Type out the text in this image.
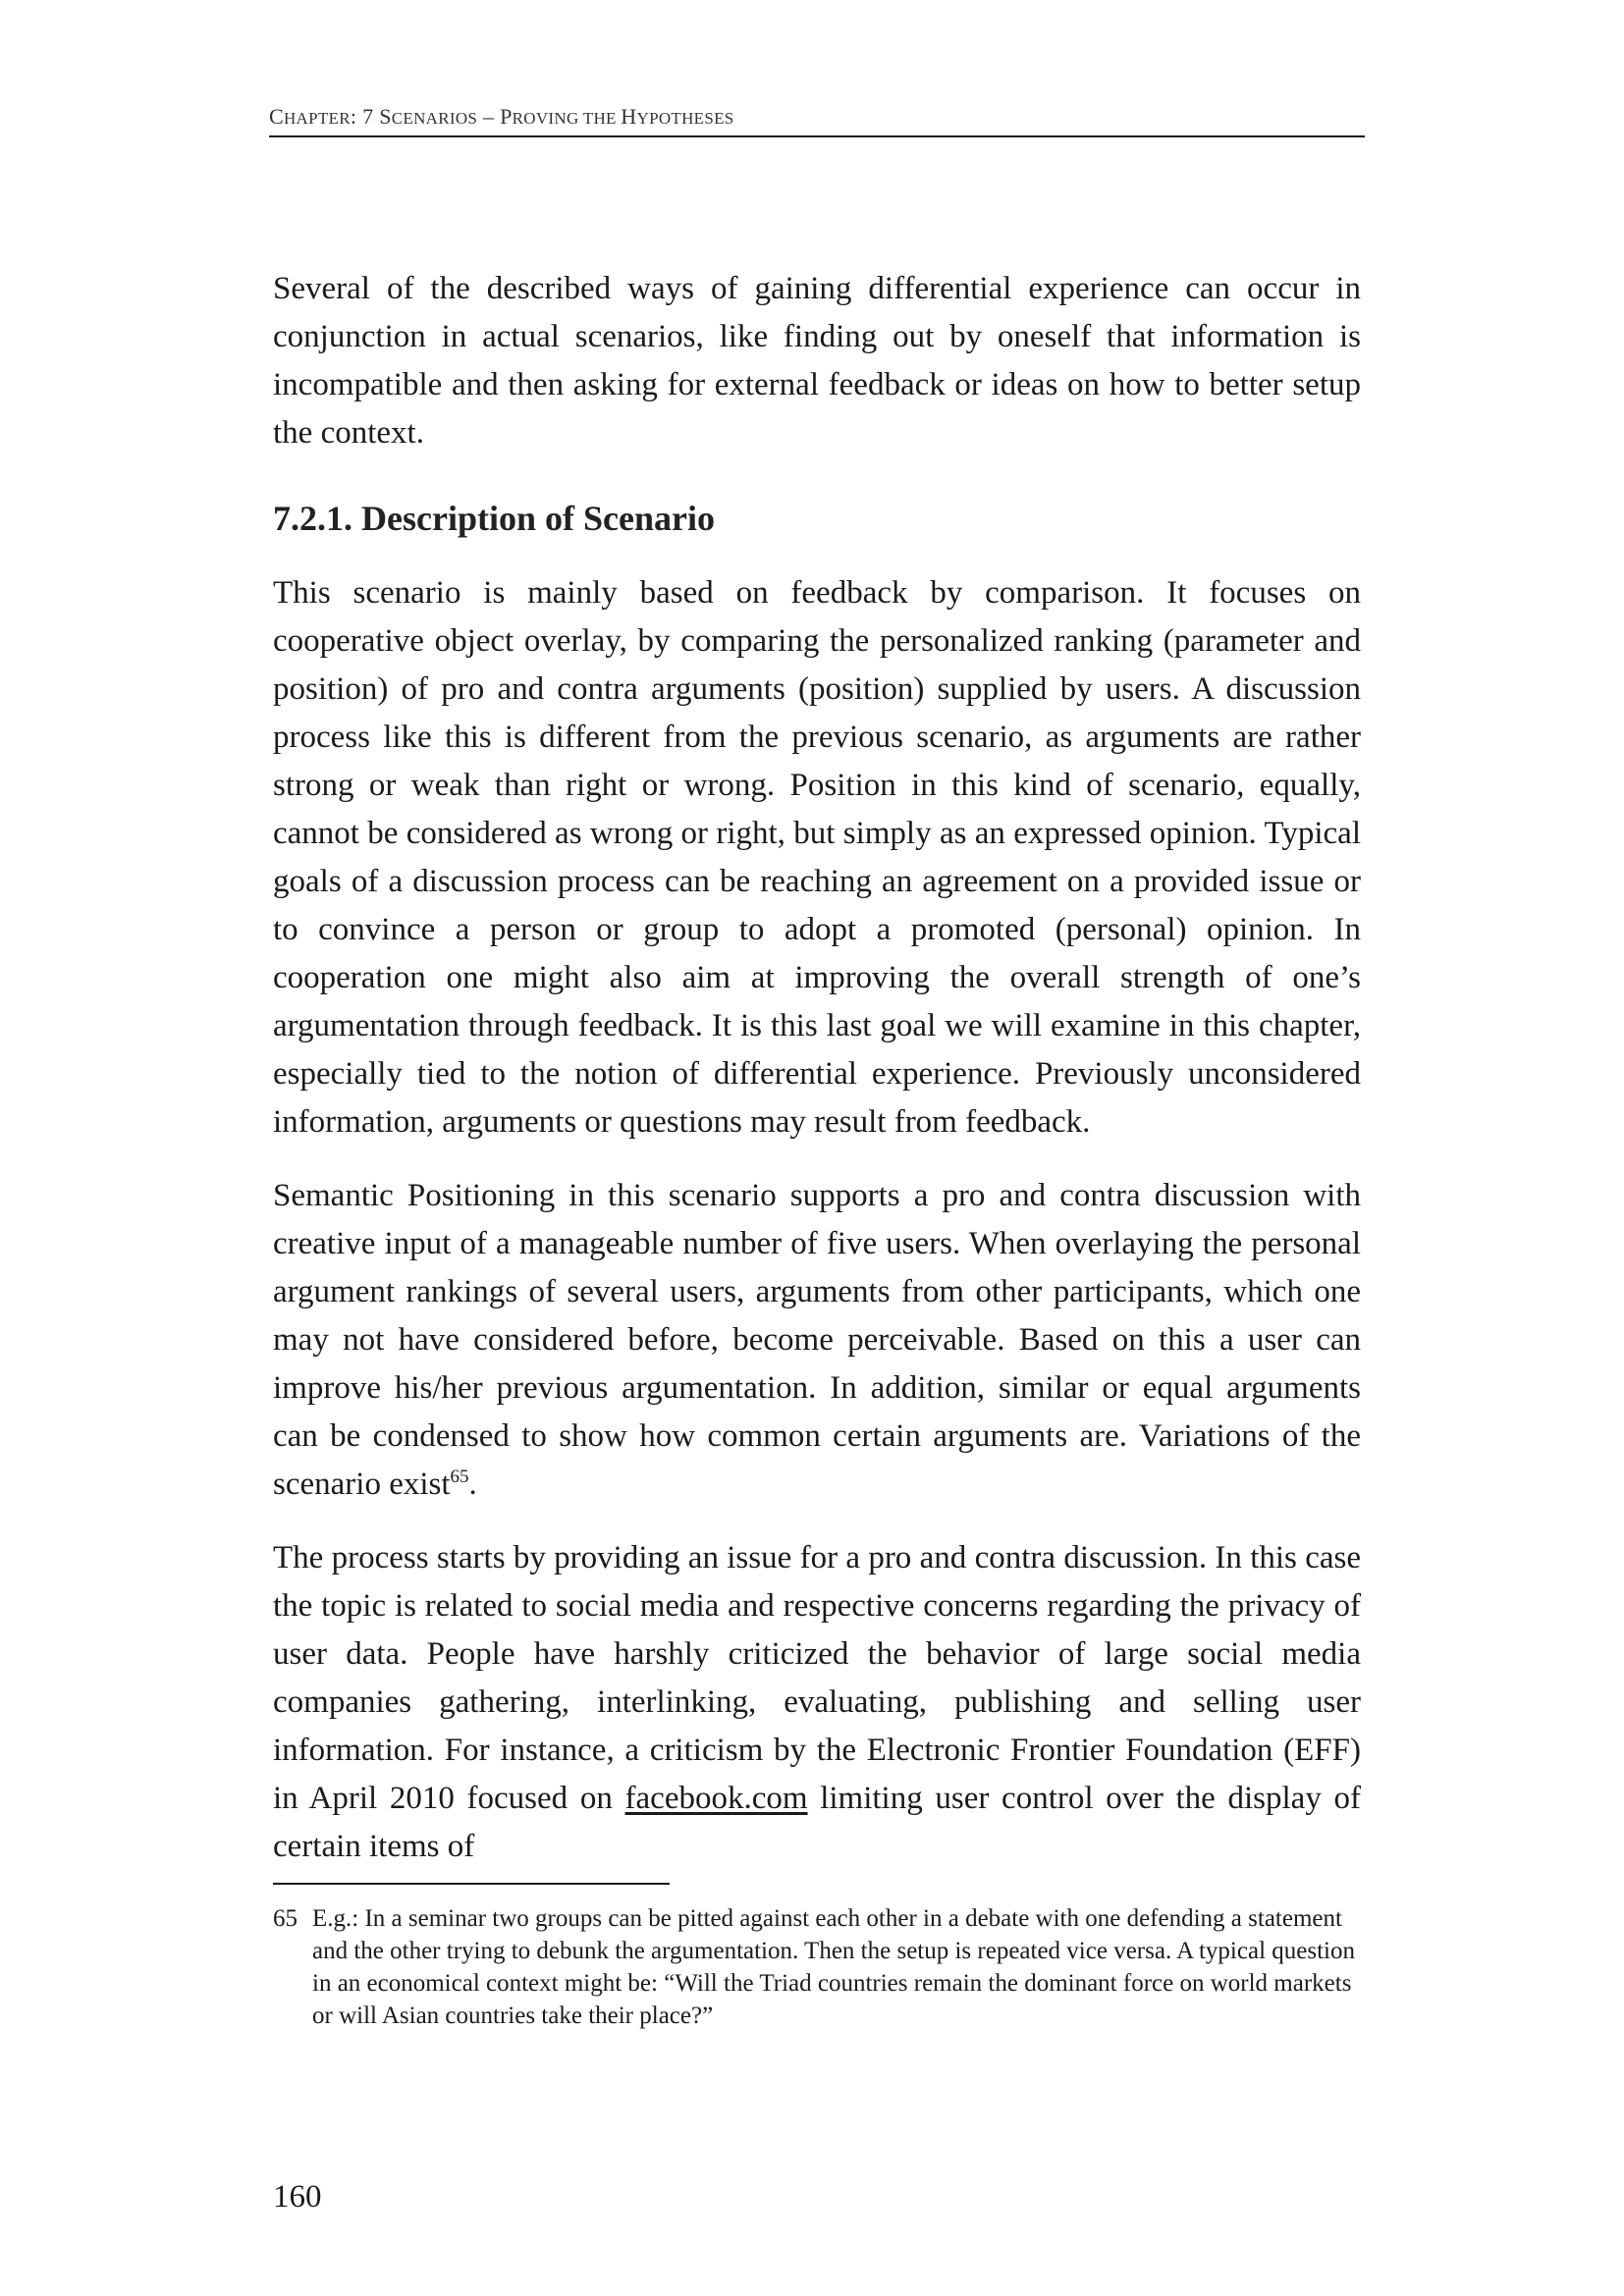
CHAPTER: 7 SCENARIOS – PROVING THE HYPOTHESES

Several of the described ways of gaining differential experience can occur in conjunction in actual scenarios, like finding out by oneself that information is incompatible and then asking for external feedback or ideas on how to better setup the context.

7.2.1. Description of Scenario

This scenario is mainly based on feedback by comparison. It focuses on cooperative object overlay, by comparing the personalized ranking (parameter and position) of pro and contra arguments (position) supplied by users. A discussion process like this is different from the previous scenario, as arguments are rather strong or weak than right or wrong. Position in this kind of scenario, equally, cannot be considered as wrong or right, but simply as an expressed opinion. Typical goals of a discussion process can be reaching an agreement on a provided issue or to convince a person or group to adopt a promoted (personal) opinion. In cooperation one might also aim at improving the overall strength of one’s argumentation through feedback. It is this last goal we will examine in this chapter, especially tied to the notion of differential experience. Previously unconsidered information, arguments or questions may result from feedback.

Semantic Positioning in this scenario supports a pro and contra discussion with creative input of a manageable number of five users. When overlaying the personal argument rankings of several users, arguments from other participants, which one may not have considered before, become perceivable. Based on this a user can improve his/her previous argumentation. In addition, similar or equal arguments can be condensed to show how common certain arguments are. Variations of the scenario exist$^{65}$.

The process starts by providing an issue for a pro and contra discussion. In this case the topic is related to social media and respective concerns regarding the privacy of user data. People have harshly criticized the behavior of large social media companies gathering, interlinking, evaluating, publishing and selling user information. For instance, a criticism by the Electronic Frontier Foundation (EFF) in April 2010 focused on facebook.com limiting user control over the display of certain items of

65 E.g.: In a seminar two groups can be pitted against each other in a debate with one defending a statement and the other trying to debunk the argumentation. Then the setup is repeated vice versa. A typical question in an economical context might be: “Will the Triad countries remain the dominant force on world markets or will Asian countries take their place?”
160
